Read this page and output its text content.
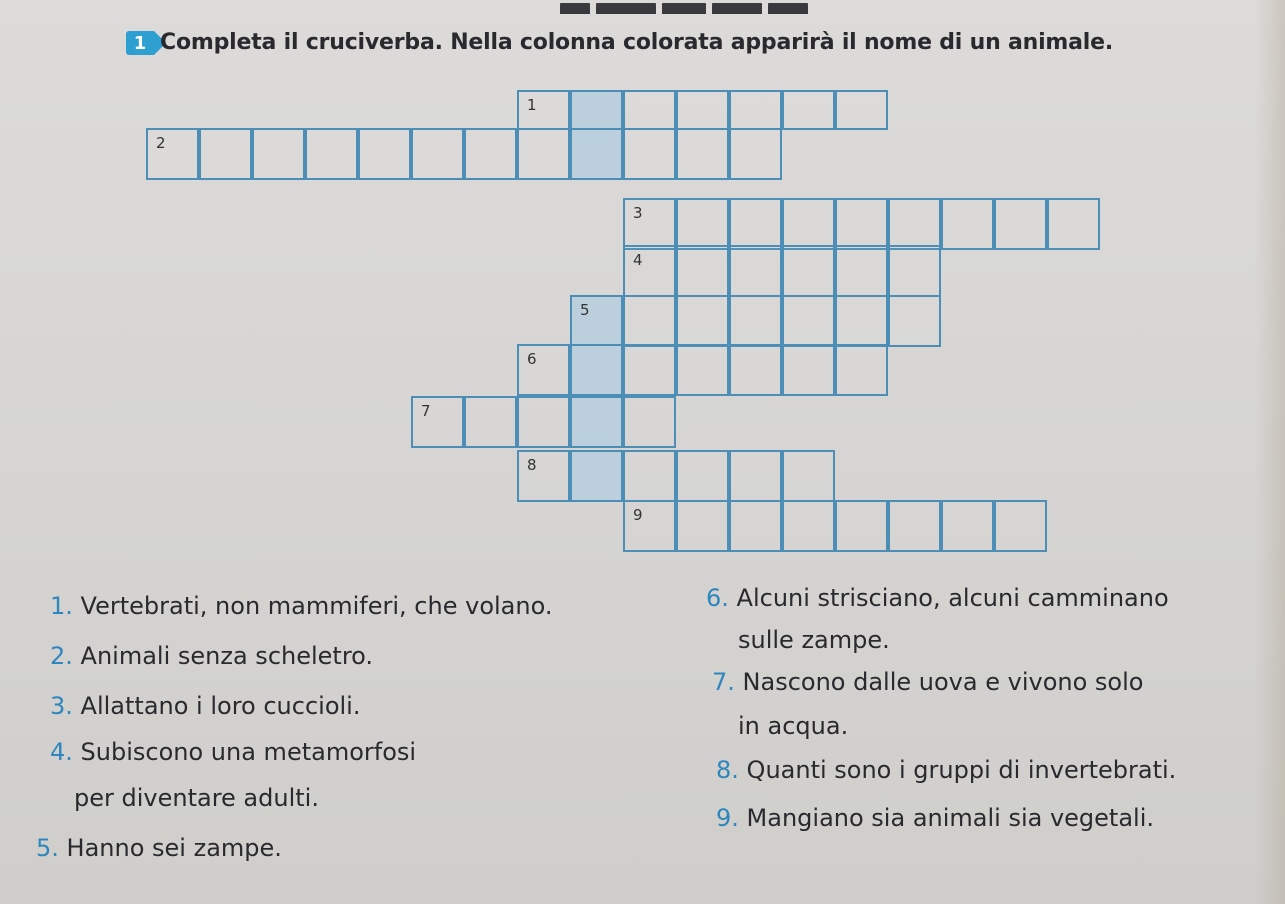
1 Completa il cruciverba. Nella colonna colorata apparirà il nome di un animale.
1
2
3
4
5
6
7
8
9
1. Vertebrati, non mammiferi, che volano.
2. Animali senza scheletro.
3. Allattano i loro cuccioli.
4. Subiscono una metamorfosi
per diventare adulti.
5. Hanno sei zampe.
6. Alcuni strisciano, alcuni camminano
sulle zampe.
7. Nascono dalle uova e vivono solo
in acqua.
8. Quanti sono i gruppi di invertebrati.
9. Mangiano sia animali sia vegetali.
